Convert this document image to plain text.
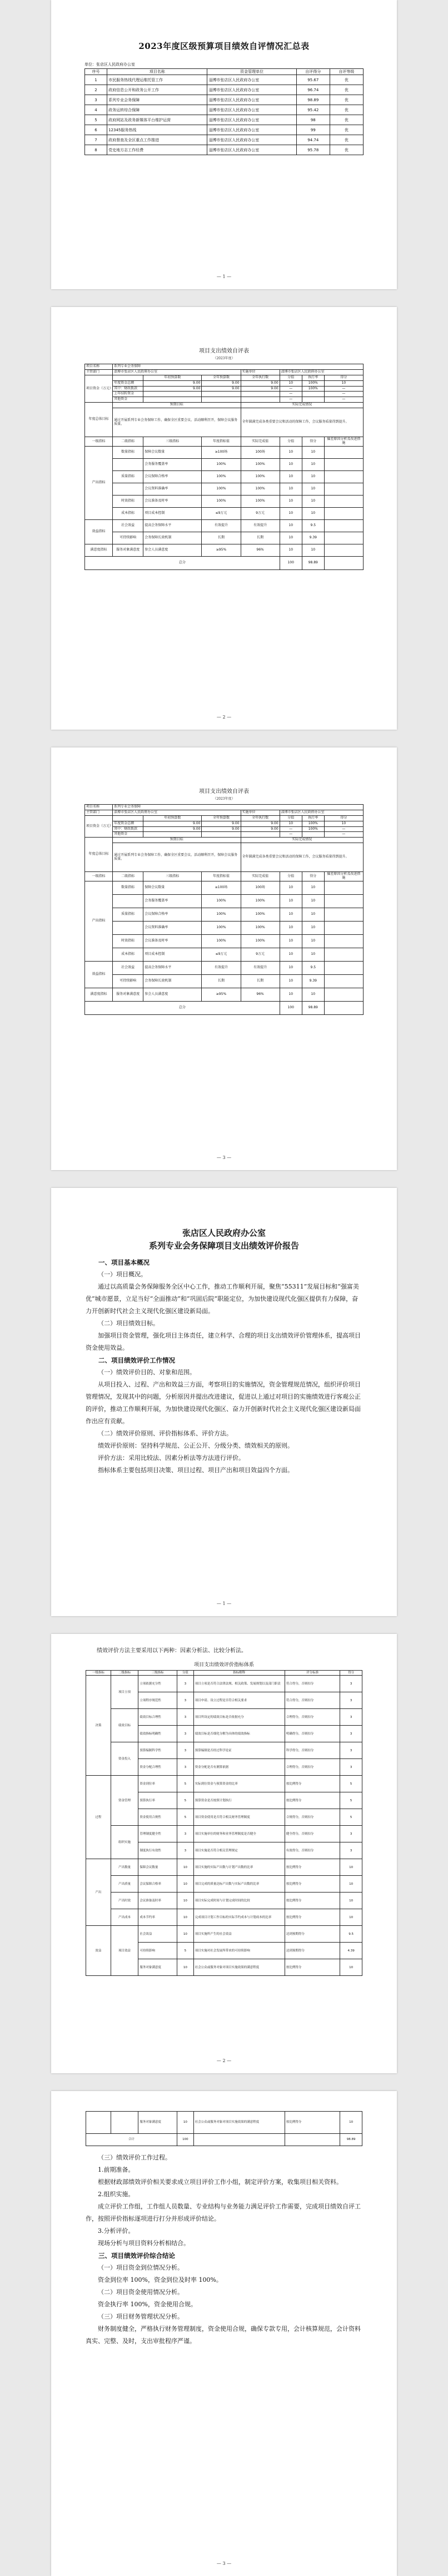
2023年度区级预算项目绩效自评情况汇总表
单位：张店区人民政府办公室
序号	项目名称	资金管理单位	自评得分	自评等级
1	市民服务热线代理运维托管工作	淄博市张店区人民政府办公室	95.67	优
2	政府信息公开和政务公开工作	淄博市张店区人民政府办公室	96.74	优
3	系列专业会务保障	淄博市张店区人民政府办公室	98.89	优
4	政务运转综合保障	淄博市张店区人民政府办公室	95.42	优
5	政府网站及政务新媒体平台维护运营	淄博市张店区人民政府办公室	98	优
6	12345服务热线	淄博市张店区人民政府办公室	99	优
7	政府督查及全区重点工作推进	淄博市张店区人民政府办公室	94.74	优
8	党史地方志工作经费	淄博市张店区人民政府办公室	95.78	优
— 1 —
项目支出绩效自评表
（2023年度）
项目名称	系列专业会务保障						
主管部门	淄博市张店区人民政府办公室			实施单位	淄博市张店区人民政府办公室		
项目资金（万元）		年初预算数	全年预算数	全年执行数	分值	执行率	得分
	年度资金总额	9.00	9.00	9.00	10	100%	10
	其中：财政拨款	9.00	9.00	9.00	—	100%	—
	上年结转资金				—		—
	其他资金				—		—
年度总体目标	预期目标			实际完成情况			
	通过开展系列专业会务保障工作，确保全区重要会议、活动顺利召开，保障会议服务质量。			全年圆满完成各类重要会议和活动的保障工作，会议服务质量得到提升。			
一级指标	二级指标	三级指标	年度指标值	实际完成值	分值	得分	偏差原因分析及改进措施
产出指标	数量指标	保障会议数量	≥100场	100场	10	10	
		会务服务覆盖率	100%	100%	10	10	
	质量指标	会议保障合格率	100%	100%	10	10	
		会议资料准确率	100%	100%	10	10	
	时效指标	会议准备及时率	100%	100%	10	10	
	成本指标	项目成本控制	≤9万元	9万元	10	10	
效益指标	社会效益	提高会务保障水平	有效提升	有效提升	10	9.5	
	可持续影响	会务保障长效机制	长期	长期	10	9.39	
满意度指标	服务对象满意度	参会人员满意度	≥95%	96%	10	10	
总分					100	98.89	
— 2 —
项目支出绩效自评表
（2023年度）
项目名称	系列专业会务保障						
主管部门	淄博市张店区人民政府办公室			实施单位	淄博市张店区人民政府办公室		
项目资金（万元）		年初预算数	全年预算数	全年执行数	分值	执行率	得分
	年度资金总额	9.00	9.00	9.00	10	100%	10
	其中：财政拨款	9.00	9.00	9.00	—	100%	—
	其他资金				—		—
年度总体目标	预期目标			实际完成情况			
	通过开展系列专业会务保障工作，确保全区重要会议、活动顺利召开，保障会议服务质量。			全年圆满完成各类重要会议和活动的保障工作，会议服务质量得到提升。			
一级指标	二级指标	三级指标	年度指标值	实际完成值	分值	得分	偏差原因分析及改进措施
产出指标	数量指标	保障会议数量	≥100场	100场	10	10	
		会务服务覆盖率	100%	100%	10	10	
	质量指标	会议保障合格率	100%	100%	10	10	
		会议资料准确率	100%	100%	10	10	
	时效指标	会议准备及时率	100%	100%	10	10	
	成本指标	项目成本控制	≤9万元	9万元	10	10	
效益指标	社会效益	提高会务保障水平	有效提升	有效提升	10	9.5	
	可持续影响	会务保障长效机制	长期	长期	10	9.39	
满意度指标	服务对象满意度	参会人员满意度	≥95%	96%	10	10	
总分					100	98.89	
— 3 —
张店区人民政府办公室
系列专业会务保障项目支出绩效评价报告

一、项目基本概况

（一）项目概况。

通过以高质量会务保障服务全区中心工作，推动工作顺利开展，聚焦“55311”发展目标和“强富美优”城市愿景，立足当好“全面推动”和“巩固后院”职能定位，为加快建设现代化强区提供有力保障，奋力开创新时代社会主义现代化强区建设新局面。

（二）项目绩效目标。

加强项目资金管理，强化项目主体责任，建立科学、合理的项目支出绩效评价管理体系，提高项目资金使用效益。

二、项目绩效评价工作情况

（一）绩效评价目的、对象和范围。

从项目投入、过程、产出和效益三方面，考察项目的实施情况，资金管理规范情况，组织评价项目管理情况，发现其中的问题，分析原因并提出改进建议，促进以上通过对项目的实施绩效进行客观公正的评价，推动工作顺利开展，为加快建设现代化强区、奋力开创新时代社会主义现代化强区建设新局面作出应有贡献。

（二）绩效评价原则、评价指标体系、评价方法。

绩效评价原则：坚持科学规范、公正公开、分级分类、绩效相关的原则。

评价方法：采用比较法、因素分析法等方法进行评价。

指标体系主要包括项目决策、项目过程、项目产出和项目效益四个方面。

— 1 —

绩效评价方法主要采用以下两种：因素分析法、比较分析法。

项目支出绩效评价指标体系
一级指标	二级指标	三级指标	分值	指标解释	评分标准	得分
决策	项目立项	立项依据充分性	3	项目立项是否符合法律法规、相关政策、发展规划以及部门职责	符合得分，否则扣分	3
		立项程序规范性	3	项目申请、设立过程是否符合相关要求	符合得分，否则扣分	3
	绩效目标	绩效目标合理性	3	项目所设定的绩效目标是否依据充分	合理得分，否则扣分	3
		绩效指标明确性	3	绩效目标是否细化分解为具体的绩效指标	明确得分，否则扣分	3
	资金投入	预算编制科学性	3	预算编制是否经过科学论证	科学得分，否则扣分	3
		资金分配合理性	3	资金分配是否有测算依据	合理得分，否则扣分	3
过程	资金管理	资金到位率	5	实际到位资金与预算资金的比率	按比例得分	5
		预算执行率	5	预算资金是否按照计划执行	按比例得分	5
		资金使用合规性	5	项目资金使用是否符合相关财务管理制度	合规得分，否则扣分	5
	组织实施	管理制度健全性	3	项目实施单位的财务和业务管理制度是否健全	健全得分，否则扣分	3
		制度执行有效性	3	项目实施是否符合相关管理规定	有效得分，否则扣分	3
产出	产出数量	保障会议数量	10	项目实施的实际产出数与计划产出数的比率	按比例得分	10
	产出质量	会议保障合格率	10	项目完成的质量达标产出数与实际产出数的比率	按比例得分	10
	产出时效	会议准备及时率	10	项目实际完成时间与计划完成时间的比较	按比例得分	10
	产出成本	成本节约率	10	完成项目计划工作目标的实际节约成本与计划成本的比率	按比例得分	10
效益	项目效益	社会效益	10	项目实施所产生的社会效益	达到预期得分	9.5
		可持续影响	5	项目实施对社会发展所带来的可持续影响	达到预期得分	4.39
		服务对象满意度	10	社会公众或服务对象对项目实施效果的满意程度	按比例得分	10
— 2 —
		服务对象满意度	10	社会公众或服务对象对项目实施效果的满意程度	按比例得分	10
合计			100			98.89

（三）绩效评价工作过程。

1.前期准备。

根据财政部绩效评价相关要求成立项目评价工作小组，制定评价方案，收集项目相关资料。

2.组织实施。

成立评价工作组，工作组人员数量、专业结构与业务能力满足评价工作需要，完成项目绩效自评工作，按照评价指标逐项进行打分并形成评价结论。

3.分析评价。

现场分析与项目资料分析相结合。

三、项目绩效评价综合结论

（一）项目资金到位情况分析。

资金到位率 100%，资金到位及时率 100%。

（二）项目资金使用情况分析。

资金执行率 100%，资金使用合规。

（三）项目财务管理状况分析。

财务制度健全，严格执行财务管理制度，资金使用合规，确保专款专用，会计核算规范，会计资料真实、完整、及时，支出审批程序严谨。

— 3 —
